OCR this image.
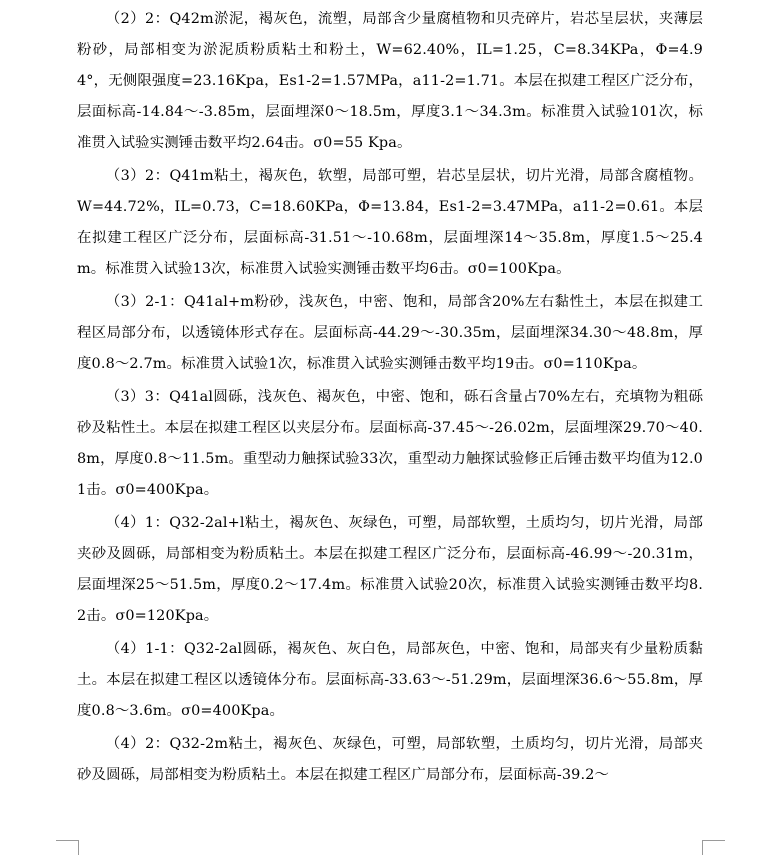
（2）2：Q42m淤泥，褐灰色，流塑，局部含少量腐植物和贝壳碎片，岩芯呈层状，夹薄层粉砂，局部相变为淤泥质粉质粘土和粉土，W=62.40%，IL=1.25，C=8.34KPa，Φ=4.94°，无侧限强度=23.16Kpa，Es1-2=1.57MPa，a11-2=1.71。本层在拟建工程区广泛分布，层面标高-14.84～-3.85m，层面埋深0～18.5m，厚度3.1～34.3m。标准贯入试验101次，标准贯入试验实测锤击数平均2.64击。σ0=55 Kpa。

（3）2：Q41m粘土，褐灰色，软塑，局部可塑，岩芯呈层状，切片光滑，局部含腐植物。W=44.72%，IL=0.73，C=18.60KPa，Φ=13.84，Es1-2=3.47MPa，a11-2=0.61。本层在拟建工程区广泛分布，层面标高-31.51～-10.68m，层面埋深14～35.8m，厚度1.5～25.4m。标准贯入试验13次，标准贯入试验实测锤击数平均6击。σ0=100Kpa。

（3）2-1：Q41al+m粉砂，浅灰色，中密、饱和，局部含20%左右黏性土，本层在拟建工程区局部分布，以透镜体形式存在。层面标高-44.29～-30.35m，层面埋深34.30～48.8m，厚度0.8～2.7m。标准贯入试验1次，标准贯入试验实测锤击数平均19击。σ0=110Kpa。

（3）3：Q41al圆砾，浅灰色、褐灰色，中密、饱和，砾石含量占70%左右，充填物为粗砾砂及粘性土。本层在拟建工程区以夹层分布。层面标高-37.45～-26.02m，层面埋深29.70～40.8m，厚度0.8～11.5m。重型动力触探试验33次，重型动力触探试验修正后锤击数平均值为12.01击。σ0=400Kpa。

（4）1：Q32-2al+l粘土，褐灰色、灰绿色，可塑，局部软塑，土质均匀，切片光滑，局部夹砂及圆砾，局部相变为粉质粘土。本层在拟建工程区广泛分布，层面标高-46.99～-20.31m，层面埋深25～51.5m，厚度0.2～17.4m。标准贯入试验20次，标准贯入试验实测锤击数平均8.2击。σ0=120Kpa。

（4）1-1：Q32-2al圆砾，褐灰色、灰白色，局部灰色，中密、饱和，局部夹有少量粉质黏土。本层在拟建工程区以透镜体分布。层面标高-33.63～-51.29m，层面埋深36.6～55.8m，厚度0.8～3.6m。σ0=400Kpa。

（4）2：Q32-2m粘土，褐灰色、灰绿色，可塑，局部软塑，土质均匀，切片光滑，局部夹砂及圆砾，局部相变为粉质粘土。本层在拟建工程区广局部分布，层面标高-39.2～
